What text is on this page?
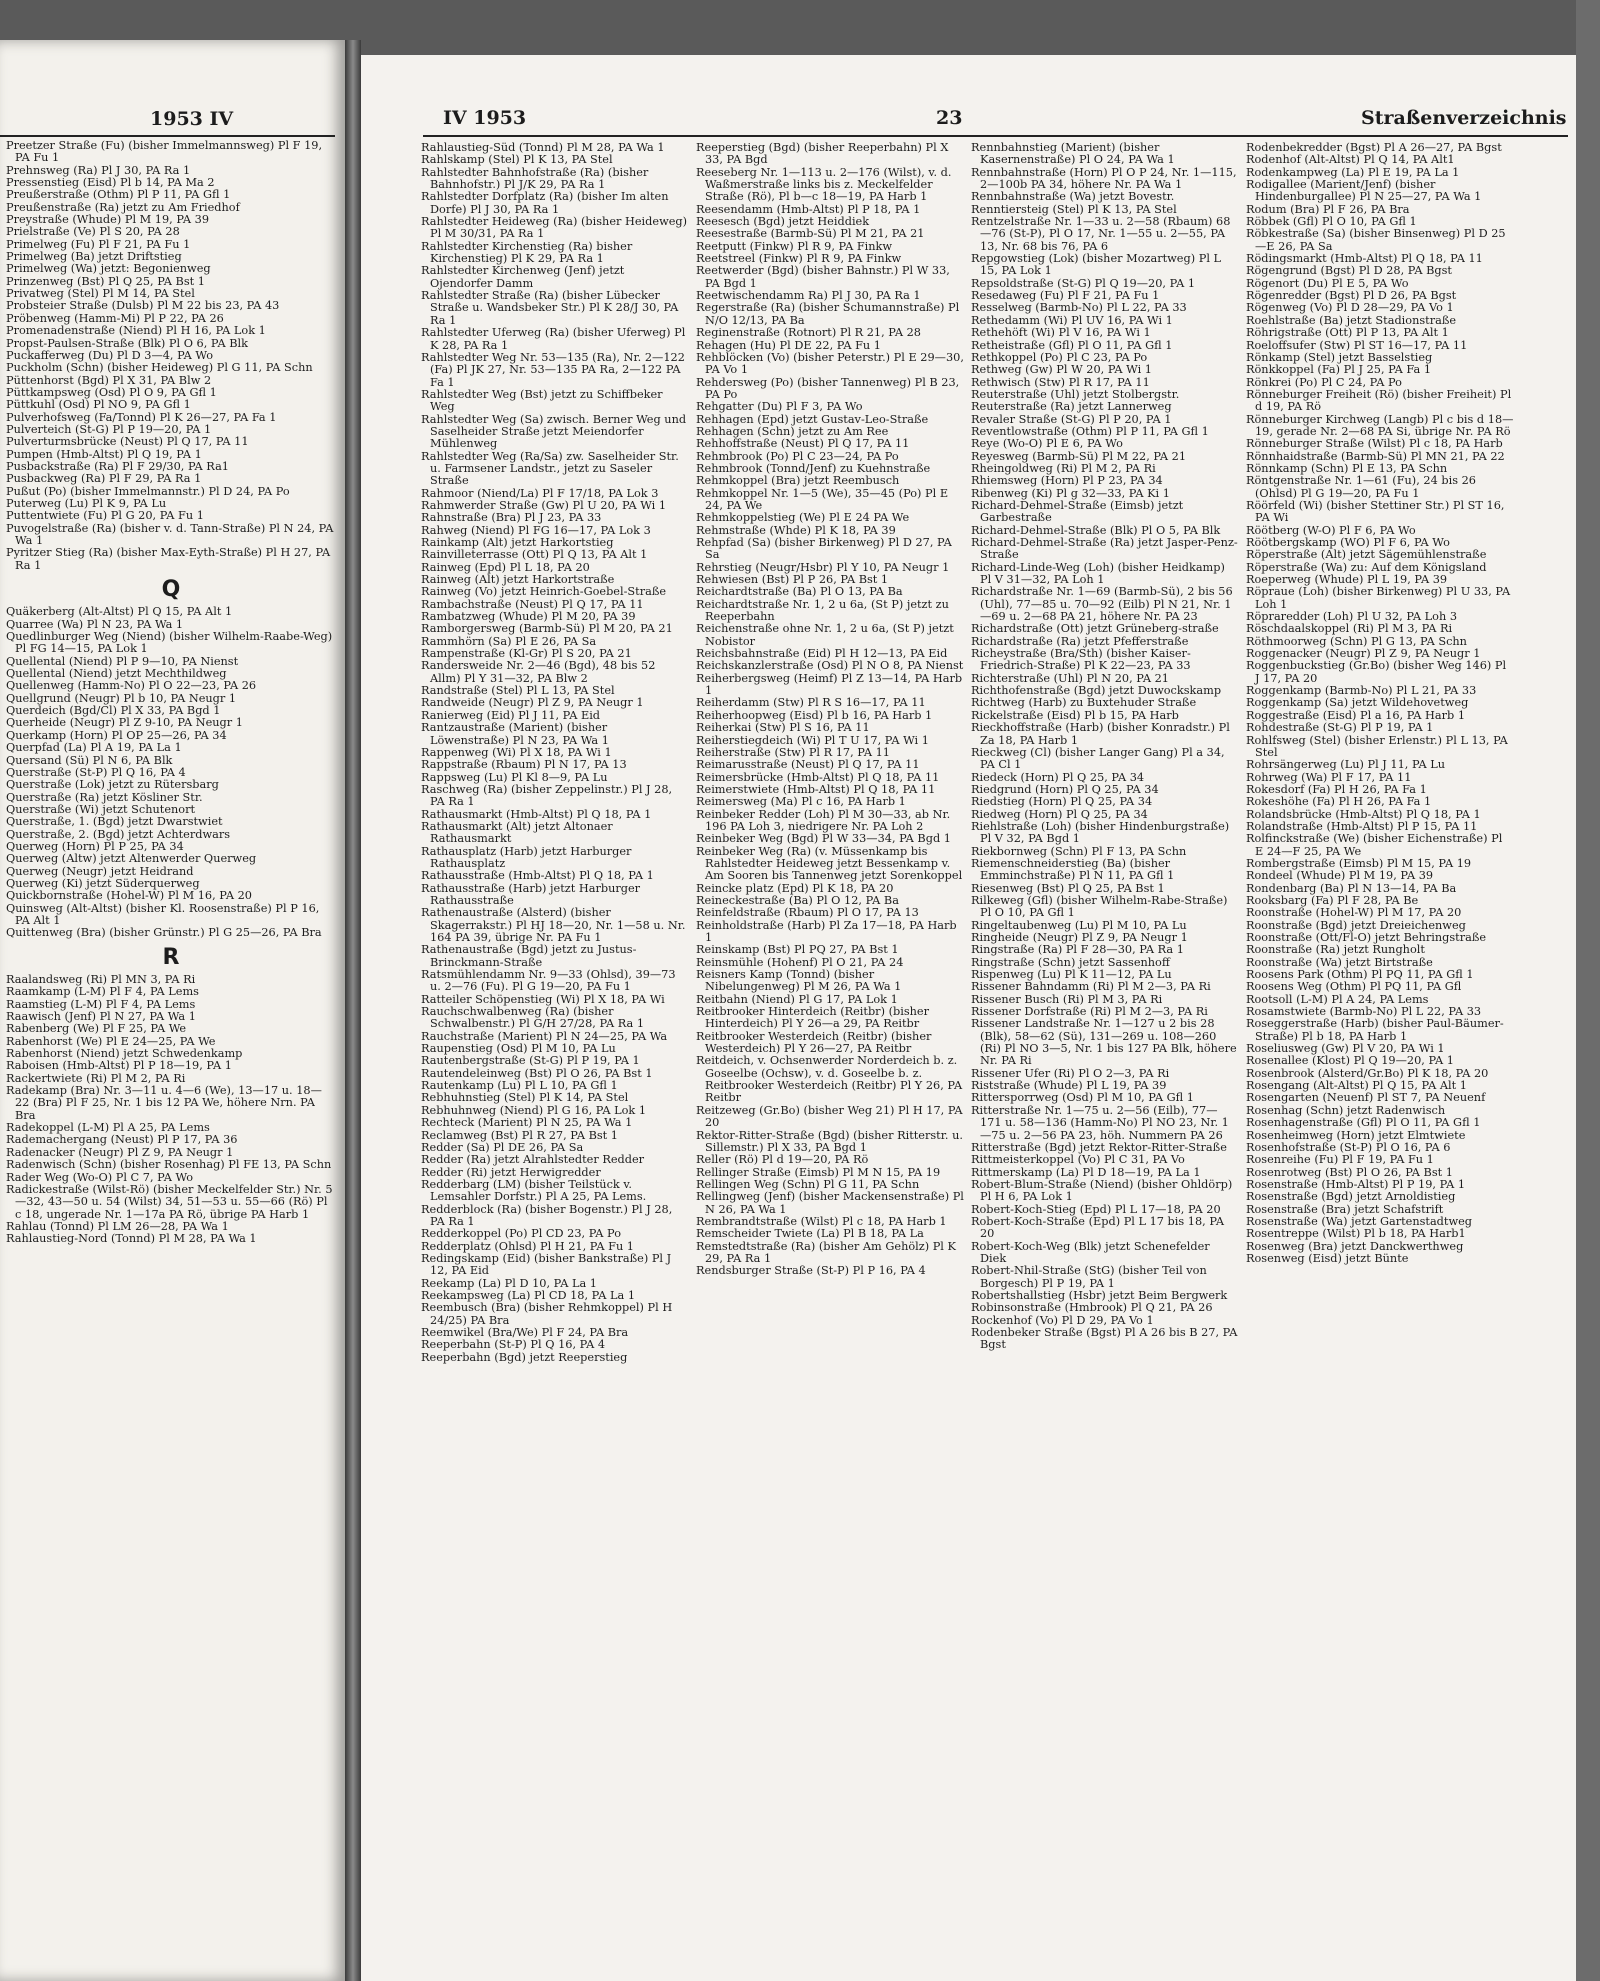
1953 IV
Preetzer Straße (Fu) (bisher Immelmannsweg) Pl F 19, PA Fu 1
Prehnsweg (Ra) Pl J 30, PA Ra 1
Pressenstieg (Eisd) Pl b 14, PA Ma 2
Preußerstraße (Othm) Pl P 11, PA Gfl 1
Preußenstraße (Ra) jetzt zu Am Friedhof
Preystraße (Whude) Pl M 19, PA 39
Prielstraße (Ve) Pl S 20, PA 28
Primelweg (Fu) Pl F 21, PA Fu 1
Primelweg (Ba) jetzt Driftstieg
Primelweg (Wa) jetzt: Begonienweg
Prinzenweg (Bst) Pl Q 25, PA Bst 1
Privatweg (Stel) Pl M 14, PA Stel
Probsteier Straße (Dulsb) Pl M 22 bis 23, PA 43
Pröbenweg (Hamm-Mi) Pl P 22, PA 26
Promenadenstraße (Niend) Pl H 16, PA Lok 1
Propst-Paulsen-Straße (Blk) Pl O 6, PA Blk
Puckafferweg (Du) Pl D 3—4, PA Wo
Puckholm (Schn) (bisher Heideweg) Pl G 11, PA Schn
Püttenhorst (Bgd) Pl X 31, PA Blw 2
Püttkampsweg (Osd) Pl O 9, PA Gfl 1
Püttkuhl (Osd) Pl NO 9, PA Gfl 1
Pulverhofsweg (Fa/Tonnd) Pl K 26—27, PA Fa 1
Pulverteich (St-G) Pl P 19—20, PA 1
Pulverturmsbrücke (Neust) Pl Q 17, PA 11
Pumpen (Hmb-Altst) Pl Q 19, PA 1
Pusbackstraße (Ra) Pl F 29/30, PA Ra1
Pusbackweg (Ra) Pl F 29, PA Ra 1
Pußut (Po) (bisher Immelmannstr.) Pl D 24, PA Po
Puterweg (Lu) Pl K 9, PA Lu
Puttentwiete (Fu) Pl G 20, PA Fu 1
Puvogelstraße (Ra) (bisher v. d. Tann-Straße) Pl N 24, PA Wa 1
Pyritzer Stieg (Ra) (bisher Max-Eyth-Straße) Pl H 27, PA Ra 1
Q
Quäkerberg (Alt-Altst) Pl Q 15, PA Alt 1
Quarree (Wa) Pl N 23, PA Wa 1
Quedlinburger Weg (Niend) (bisher Wilhelm-Raabe-Weg) Pl FG 14—15, PA Lok 1
Quellental (Niend) Pl P 9—10, PA Nienst
Quellental (Niend) jetzt Mechthildweg
Quellenweg (Hamm-No) Pl O 22—23, PA 26
Quellgrund (Neugr) Pl b 10, PA Neugr 1
Querdeich (Bgd/Cl) Pl X 33, PA Bgd 1
Querheide (Neugr) Pl Z 9-10, PA Neugr 1
Querkamp (Horn) Pl OP 25—26, PA 34
Querpfad (La) Pl A 19, PA La 1
Quersand (Sü) Pl N 6, PA Blk
Querstraße (St-P) Pl Q 16, PA 4
Querstraße (Lok) jetzt zu Rütersbarg
Querstraße (Ra) jetzt Kösliner Str.
Querstraße (Wi) jetzt Schutenort
Querstraße, 1. (Bgd) jetzt Dwarstwiet
Querstraße, 2. (Bgd) jetzt Achterdwars
Querweg (Horn) Pl P 25, PA 34
Querweg (Altw) jetzt Altenwerder Querweg
Querweg (Neugr) jetzt Heidrand
Querweg (Ki) jetzt Süderquerweg
Quickbornstraße (Hohel-W) Pl M 16, PA 20
Quinsweg (Alt-Altst) (bisher Kl. Roosenstraße) Pl P 16, PA Alt 1
Quittenweg (Bra) (bisher Grünstr.) Pl G 25—26, PA Bra
R
Raalandsweg (Ri) Pl MN 3, PA Ri
Raamkamp (L-M) Pl F 4, PA Lems
Raamstieg (L-M) Pl F 4, PA Lems
Raawisch (Jenf) Pl N 27, PA Wa 1
Rabenberg (We) Pl F 25, PA We
Rabenhorst (We) Pl E 24—25, PA We
Rabenhorst (Niend) jetzt Schwedenkamp
Raboisen (Hmb-Altst) Pl P 18—19, PA 1
Rackertwiete (Ri) Pl M 2, PA Ri
Radekamp (Bra) Nr. 3—11 u. 4—6 (We), 13—17 u. 18—22 (Bra) Pl F 25, Nr. 1 bis 12 PA We, höhere Nrn. PA Bra
Radekoppel (L-M) Pl A 25, PA Lems
Rademachergang (Neust) Pl P 17, PA 36
Radenacker (Neugr) Pl Z 9, PA Neugr 1
Radenwisch (Schn) (bisher Rosenhag) Pl FE 13, PA Schn
Rader Weg (Wo-O) Pl C 7, PA Wo
Radickestraße (Wilst-Rö) (bisher Meckelfelder Str.) Nr. 5—32, 43—50 u. 54 (Wilst) 34, 51—53 u. 55—66 (Rö) Pl c 18, ungerade Nr. 1—17a PA Rö, übrige PA Harb 1
Rahlau (Tonnd) Pl LM 26—28, PA Wa 1
Rahlaustieg-Nord (Tonnd) Pl M 28, PA Wa 1
IV 1953	23	Straßenverzeichnis
Rahlaustieg-Süd (Tonnd) Pl M 28, PA Wa 1
Rahlskamp (Stel) Pl K 13, PA Stel
Rahlstedter Bahnhofstraße (Ra) (bisher Bahnhofstr.) Pl J/K 29, PA Ra 1
Rahlstedter Dorfplatz (Ra) (bisher Im alten Dorfe) Pl J 30, PA Ra 1
Rahlstedter Heideweg (Ra) (bisher Heideweg) Pl M 30/31, PA Ra 1
Rahlstedter Kirchenstieg (Ra) bisher Kirchenstieg) Pl K 29, PA Ra 1
Rahlstedter Kirchenweg (Jenf) jetzt Ojendorfer Damm
Rahlstedter Straße (Ra) (bisher Lübecker Straße u. Wandsbeker Str.) Pl K 28/J 30, PA Ra 1
Rahlstedter Uferweg (Ra) (bisher Uferweg) Pl K 28, PA Ra 1
Rahlstedter Weg Nr. 53—135 (Ra), Nr. 2—122 (Fa) Pl JK 27, Nr. 53—135 PA Ra, 2—122 PA Fa 1
Rahlstedter Weg (Bst) jetzt zu Schiffbeker Weg
Rahlstedter Weg (Sa) zwisch. Berner Weg und Saselheider Straße jetzt Meiendorfer Mühlenweg
Rahlstedter Weg (Ra/Sa) zw. Saselheider Str. u. Farmsener Landstr., jetzt zu Saseler Straße
Rahmoor (Niend/La) Pl F 17/18, PA Lok 3
Rahmwerder Straße (Gw) Pl U 20, PA Wi 1
Rahnstraße (Bra) Pl J 23, PA 33
Rahweg (Niend) Pl FG 16—17, PA Lok 3
Rainkamp (Alt) jetzt Harkortstieg
Rainvilleterrasse (Ott) Pl Q 13, PA Alt 1
Rainweg (Epd) Pl L 18, PA 20
Rainweg (Alt) jetzt Harkortstraße
Rainweg (Vo) jetzt Heinrich-Goebel-Straße
Rambachstraße (Neust) Pl Q 17, PA 11
Rambatzweg (Whude) Pl M 20, PA 39
Ramborgersweg (Barmb-Sü) Pl M 20, PA 21
Rammhörn (Sa) Pl E 26, PA Sa
Rampenstraße (Kl-Gr) Pl S 20, PA 21
Randersweide Nr. 2—46 (Bgd), 48 bis 52 Allm) Pl Y 31—32, PA Blw 2
Randstraße (Stel) Pl L 13, PA Stel
Randweide (Neugr) Pl Z 9, PA Neugr 1
Ranierweg (Eid) Pl J 11, PA Eid
Rantzaustraße (Marient) (bisher Löwenstraße) Pl N 23, PA Wa 1
Rappenweg (Wi) Pl X 18, PA Wi 1
Rappstraße (Rbaum) Pl N 17, PA 13
Rappsweg (Lu) Pl Kl 8—9, PA Lu
Raschweg (Ra) (bisher Zeppelinstr.) Pl J 28, PA Ra 1
Rathausmarkt (Hmb-Altst) Pl Q 18, PA 1
Rathausmarkt (Alt) jetzt Altonaer Rathausmarkt
Rathausplatz (Harb) jetzt Harburger Rathausplatz
Rathausstraße (Hmb-Altst) Pl Q 18, PA 1
Rathausstraße (Harb) jetzt Harburger Rathausstraße
Rathenaustraße (Alsterd) (bisher Skagerrakstr.) Pl HJ 18—20, Nr. 1—58 u. Nr. 164 PA 39, übrige Nr. PA Fu 1
Rathenaustraße (Bgd) jetzt zu Justus-Brinckmann-Straße
Ratsmühlendamm Nr. 9—33 (Ohlsd), 39—73 u. 2—76 (Fu). Pl G 19—20, PA Fu 1
Ratteiler Schöpenstieg (Wi) Pl X 18, PA Wi
Rauchschwalbenweg (Ra) (bisher Schwalbenstr.) Pl G/H 27/28, PA Ra 1
Rauchstraße (Marient) Pl N 24—25, PA Wa
Raupenstieg (Osd) Pl M 10, PA Lu
Rautenbergstraße (St-G) Pl P 19, PA 1
Rautendeleinweg (Bst) Pl O 26, PA Bst 1
Rautenkamp (Lu) Pl L 10, PA Gfl 1
Rebhuhnstieg (Stel) Pl K 14, PA Stel
Rebhuhnweg (Niend) Pl G 16, PA Lok 1
Rechteck (Marient) Pl N 25, PA Wa 1
Reclamweg (Bst) Pl R 27, PA Bst 1
Redder (Sa) Pl DE 26, PA Sa
Redder (Ra) jetzt Alrahlstedter Redder
Redder (Ri) jetzt Herwigredder
Redderbarg (LM) (bisher Teilstück v. Lemsahler Dorfstr.) Pl A 25, PA Lems.
Redderblock (Ra) (bisher Bogenstr.) Pl J 28, PA Ra 1
Redderkoppel (Po) Pl CD 23, PA Po
Redderplatz (Ohlsd) Pl H 21, PA Fu 1
Redingskamp (Eid) (bisher Bankstraße) Pl J 12, PA Eid
Reekamp (La) Pl D 10, PA La 1
Reekampsweg (La) Pl CD 18, PA La 1
Reembusch (Bra) (bisher Rehmkoppel) Pl H 24/25) PA Bra
Reemwikel (Bra/We) Pl F 24, PA Bra
Reeperbahn (St-P) Pl Q 16, PA 4
Reeperbahn (Bgd) jetzt Reeperstieg
Reeperstieg (Bgd) (bisher Reeperbahn) Pl X 33, PA Bgd
Reeseberg Nr. 1—113 u. 2—176 (Wilst), v. d. Waßmerstraße links bis z. Meckelfelder Straße (Rö), Pl b—c 18—19, PA Harb 1
Reesendamm (Hmb-Altst) Pl P 18, PA 1
Reesesch (Bgd) jetzt Heiddiek
Reesestraße (Barmb-Sü) Pl M 21, PA 21
Reetputt (Finkw) Pl R 9, PA Finkw
Reetstreel (Finkw) Pl R 9, PA Finkw
Reetwerder (Bgd) (bisher Bahnstr.) Pl W 33, PA Bgd 1
Reetwischendamm Ra) Pl J 30, PA Ra 1
Regerstraße (Ra) (bisher Schumannstraße) Pl N/O 12/13, PA Ba
Reginenstraße (Rotnort) Pl R 21, PA 28
Rehagen (Hu) Pl DE 22, PA Fu 1
Rehblöcken (Vo) (bisher Peterstr.) Pl E 29—30, PA Vo 1
Rehdersweg (Po) (bisher Tannenweg) Pl B 23, PA Po
Rehgatter (Du) Pl F 3, PA Wo
Rehhagen (Epd) jetzt Gustav-Leo-Straße
Rehhagen (Schn) jetzt zu Am Ree
Rehhoffstraße (Neust) Pl Q 17, PA 11
Rehmbrook (Po) Pl C 23—24, PA Po
Rehmbrook (Tonnd/Jenf) zu Kuehnstraße
Rehmkoppel (Bra) jetzt Reembusch
Rehmkoppel Nr. 1—5 (We), 35—45 (Po) Pl E 24, PA We
Rehmkoppelstieg (We) Pl E 24 PA We
Rehmstraße (Whde) Pl K 18, PA 39
Rehpfad (Sa) (bisher Birkenweg) Pl D 27, PA Sa
Rehrstieg (Neugr/Hsbr) Pl Y 10, PA Neugr 1
Rehwiesen (Bst) Pl P 26, PA Bst 1
Reichardtstraße (Ba) Pl O 13, PA Ba
Reichardtstraße Nr. 1, 2 u 6a, (St P) jetzt zu Reeperbahn
Reichenstraße ohne Nr. 1, 2 u 6a, (St P) jetzt Nobistor
Reichsbahnstraße (Eid) Pl H 12—13, PA Eid
Reichskanzlerstraße (Osd) Pl N O 8, PA Nienst
Reiherbergsweg (Heimf) Pl Z 13—14, PA Harb 1
Reiherdamm (Stw) Pl R S 16—17, PA 11
Reiherhoopweg (Eisd) Pl b 16, PA Harb 1
Reiherkai (Stw) Pl S 16, PA 11
Reiherstiegdeich (Wi) Pl T U 17, PA Wi 1
Reiherstraße (Stw) Pl R 17, PA 11
Reimarusstraße (Neust) Pl Q 17, PA 11
Reimersbrücke (Hmb-Altst) Pl Q 18, PA 11
Reimerstwiete (Hmb-Altst) Pl Q 18, PA 11
Reimersweg (Ma) Pl c 16, PA Harb 1
Reinbeker Redder (Loh) Pl M 30—33, ab Nr. 196 PA Loh 3, niedrigere Nr. PA Loh 2
Reinbeker Weg (Bgd) Pl W 33—34, PA Bgd 1
Reinbeker Weg (Ra) (v. Müssenkamp bis Rahlstedter Heideweg jetzt Bessenkamp v. Am Sooren bis Tannenweg jetzt Sorenkoppel
Reincke platz (Epd) Pl K 18, PA 20
Reineckestraße (Ba) Pl O 12, PA Ba
Reinfeldstraße (Rbaum) Pl O 17, PA 13
Reinholdstraße (Harb) Pl Za 17—18, PA Harb 1
Reinskamp (Bst) Pl PQ 27, PA Bst 1
Reinsmühle (Hohenf) Pl O 21, PA 24
Reisners Kamp (Tonnd) (bisher Nibelungenweg) Pl M 26, PA Wa 1
Reitbahn (Niend) Pl G 17, PA Lok 1
Reitbrooker Hinterdeich (Reitbr) (bisher Hinterdeich) Pl Y 26—a 29, PA Reitbr
Reitbrooker Westerdeich (Reitbr) (bisher Westerdeich) Pl Y 26—27, PA Reitbr
Reitdeich, v. Ochsenwerder Norderdeich b. z. Goseelbe (Ochsw), v. d. Goseelbe b. z. Reitbrooker Westerdeich (Reitbr) Pl Y 26, PA Reitbr
Reitzeweg (Gr.Bo) (bisher Weg 21) Pl H 17, PA 20
Rektor-Ritter-Straße (Bgd) (bisher Ritterstr. u. Sillemstr.) Pl X 33, PA Bgd 1
Reller (Rö) Pl d 19—20, PA Rö
Rellinger Straße (Eimsb) Pl M N 15, PA 19
Rellingen Weg (Schn) Pl G 11, PA Schn
Rellingweg (Jenf) (bisher Mackensenstraße) Pl N 26, PA Wa 1
Rembrandtstraße (Wilst) Pl c 18, PA Harb 1
Remscheider Twiete (La) Pl B 18, PA La
Remstedtstraße (Ra) (bisher Am Gehölz) Pl K 29, PA Ra 1
Rendsburger Straße (St-P) Pl P 16, PA 4
Rennbahnstieg (Marient) (bisher Kasernenstraße) Pl O 24, PA Wa 1
Rennbahnstraße (Horn) Pl O P 24, Nr. 1—115, 2—100b PA 34, höhere Nr. PA Wa 1
Rennbahnstraße (Wa) jetzt Bovestr.
Renntiersteig (Stel) Pl K 13, PA Stel
Rentzelstraße Nr. 1—33 u. 2—58 (Rbaum) 68—76 (St-P), Pl O 17, Nr. 1—55 u. 2—55, PA 13, Nr. 68 bis 76, PA 6
Repgowstieg (Lok) (bisher Mozartweg) Pl L 15, PA Lok 1
Repsoldstraße (St-G) Pl Q 19—20, PA 1
Resedaweg (Fu) Pl F 21, PA Fu 1
Resselweg (Barmb-No) Pl L 22, PA 33
Rethedamm (Wi) Pl UV 16, PA Wi 1
Rethehöft (Wi) Pl V 16, PA Wi 1
Retheistraße (Gfl) Pl O 11, PA Gfl 1
Rethkoppel (Po) Pl C 23, PA Po
Rethweg (Gw) Pl W 20, PA Wi 1
Rethwisch (Stw) Pl R 17, PA 11
Reuterstraße (Uhl) jetzt Stolbergstr.
Reuterstraße (Ra) jetzt Lannerweg
Revaler Straße (St-G) Pl P 20, PA 1
Reventlowstraße (Othm) Pl P 11, PA Gfl 1
Reye (Wo-O) Pl E 6, PA Wo
Reyesweg (Barmb-Sü) Pl M 22, PA 21
Rheingoldweg (Ri) Pl M 2, PA Ri
Rhiemsweg (Horn) Pl P 23, PA 34
Ribenweg (Ki) Pl g 32—33, PA Ki 1
Richard-Dehmel-Straße (Eimsb) jetzt Garbestraße
Richard-Dehmel-Straße (Blk) Pl O 5, PA Blk
Richard-Dehmel-Straße (Ra) jetzt Jasper-Penz-Straße
Richard-Linde-Weg (Loh) (bisher Heidkamp) Pl V 31—32, PA Loh 1
Richardstraße Nr. 1—69 (Barmb-Sü), 2 bis 56 (Uhl), 77—85 u. 70—92 (Eilb) Pl N 21, Nr. 1—69 u. 2—68 PA 21, höhere Nr. PA 23
Richardstraße (Ott) jetzt Grüneberg-straße
Richardstraße (Ra) jetzt Pfefferstraße
Richeystraße (Bra/Sth) (bisher Kaiser-Friedrich-Straße) Pl K 22—23, PA 33
Richterstraße (Uhl) Pl N 20, PA 21
Richthofenstraße (Bgd) jetzt Duwockskamp
Richtweg (Harb) zu Buxtehuder Straße
Rickelstraße (Eisd) Pl b 15, PA Harb
Rieckhoffstraße (Harb) (bisher Konradstr.) Pl Za 18, PA Harb 1
Rieckweg (Cl) (bisher Langer Gang) Pl a 34, PA Cl 1
Riedeck (Horn) Pl Q 25, PA 34
Riedgrund (Horn) Pl Q 25, PA 34
Riedstieg (Horn) Pl Q 25, PA 34
Riedweg (Horn) Pl Q 25, PA 34
Riehlstraße (Loh) (bisher Hindenburgstraße) Pl V 32, PA Bgd 1
Riekbornweg (Schn) Pl F 13, PA Schn
Riemenschneiderstieg (Ba) (bisher Emminchstraße) Pl N 11, PA Gfl 1
Riesenweg (Bst) Pl Q 25, PA Bst 1
Rilkeweg (Gfl) (bisher Wilhelm-Rabe-Straße) Pl O 10, PA Gfl 1
Ringeltaubenweg (Lu) Pl M 10, PA Lu
Ringheide (Neugr) Pl Z 9, PA Neugr 1
Ringstraße (Ra) Pl F 28—30, PA Ra 1
Ringstraße (Schn) jetzt Sassenhoff
Rispenweg (Lu) Pl K 11—12, PA Lu
Rissener Bahndamm (Ri) Pl M 2—3, PA Ri
Rissener Busch (Ri) Pl M 3, PA Ri
Rissener Dorfstraße (Ri) Pl M 2—3, PA Ri
Rissener Landstraße Nr. 1—127 u 2 bis 28 (Blk), 58—62 (Sü), 131—269 u. 108—260 (Ri) Pl NO 3—5, Nr. 1 bis 127 PA Blk, höhere Nr. PA Ri
Rissener Ufer (Ri) Pl O 2—3, PA Ri
Riststraße (Whude) Pl L 19, PA 39
Rittersporrweg (Osd) Pl M 10, PA Gfl 1
Ritterstraße Nr. 1—75 u. 2—56 (Eilb), 77—171 u. 58—136 (Hamm-No) Pl NO 23, Nr. 1—75 u. 2—56 PA 23, höh. Nummern PA 26
Ritterstraße (Bgd) jetzt Rektor-Ritter-Straße
Rittmeisterkoppel (Vo) Pl C 31, PA Vo
Rittmerskamp (La) Pl D 18—19, PA La 1
Robert-Blum-Straße (Niend) (bisher Ohldörp) Pl H 6, PA Lok 1
Robert-Koch-Stieg (Epd) Pl L 17—18, PA 20
Robert-Koch-Straße (Epd) Pl L 17 bis 18, PA 20
Robert-Koch-Weg (Blk) jetzt Schenefelder Diek
Robert-Nhil-Straße (StG) (bisher Teil von Borgesch) Pl P 19, PA 1
Robertshallstieg (Hsbr) jetzt Beim Bergwerk
Robinsonstraße (Hmbrook) Pl Q 21, PA 26
Rockenhof (Vo) Pl D 29, PA Vo 1
Rodenbeker Straße (Bgst) Pl A 26 bis B 27, PA Bgst
Rodenbekredder (Bgst) Pl A 26—27, PA Bgst
Rodenhof (Alt-Altst) Pl Q 14, PA Alt1
Rodenkampweg (La) Pl E 19, PA La 1
Rodigallee (Marient/Jenf) (bisher Hindenburgallee) Pl N 25—27, PA Wa 1
Rodum (Bra) Pl F 26, PA Bra
Röbbek (Gfl) Pl O 10, PA Gfl 1
Röbkestraße (Sa) (bisher Binsenweg) Pl D 25—E 26, PA Sa
Rödingsmarkt (Hmb-Altst) Pl Q 18, PA 11
Rögengrund (Bgst) Pl D 28, PA Bgst
Rögenort (Du) Pl E 5, PA Wo
Rögenredder (Bgst) Pl D 26, PA Bgst
Rögenweg (Vo) Pl D 28—29, PA Vo 1
Roehlstraße (Ba) jetzt Stadionstraße
Röhrigstraße (Ott) Pl P 13, PA Alt 1
Roeloffsufer (Stw) Pl ST 16—17, PA 11
Rönkamp (Stel) jetzt Basselstieg
Rönkkoppel (Fa) Pl J 25, PA Fa 1
Rönkrei (Po) Pl C 24, PA Po
Rönneburger Freiheit (Rö) (bisher Freiheit) Pl d 19, PA Rö
Rönneburger Kirchweg (Langb) Pl c bis d 18—19, gerade Nr. 2—68 PA Si, übrige Nr. PA Rö
Rönneburger Straße (Wilst) Pl c 18, PA Harb
Rönnhaidstraße (Barmb-Sü) Pl MN 21, PA 22
Rönnkamp (Schn) Pl E 13, PA Schn
Röntgenstraße Nr. 1—61 (Fu), 24 bis 26 (Ohlsd) Pl G 19—20, PA Fu 1
Röörfeld (Wi) (bisher Stettiner Str.) Pl ST 16, PA Wi
Röötberg (W-O) Pl F 6, PA Wo
Röötbergskamp (WO) Pl F 6, PA Wo
Röperstraße (Alt) jetzt Sägemühlenstraße
Röperstraße (Wa) zu: Auf dem Königsland
Roeperweg (Whude) Pl L 19, PA 39
Röpraue (Loh) (bisher Birkenweg) Pl U 33, PA Loh 1
Röpraredder (Loh) Pl U 32, PA Loh 3
Röschdaalskoppel (Ri) Pl M 3, PA Ri
Röthmoorweg (Schn) Pl G 13, PA Schn
Roggenacker (Neugr) Pl Z 9, PA Neugr 1
Roggenbuckstieg (Gr.Bo) (bisher Weg 146) Pl J 17, PA 20
Roggenkamp (Barmb-No) Pl L 21, PA 33
Roggenkamp (Sa) jetzt Wildehovetweg
Roggestraße (Eisd) Pl a 16, PA Harb 1
Rohdestraße (St-G) Pl P 19, PA 1
Rohlfsweg (Stel) (bisher Erlenstr.) Pl L 13, PA Stel
Rohrsängerweg (Lu) Pl J 11, PA Lu
Rohrweg (Wa) Pl F 17, PA 11
Rokesdorf (Fa) Pl H 26, PA Fa 1
Rokeshöhe (Fa) Pl H 26, PA Fa 1
Rolandsbrücke (Hmb-Altst) Pl Q 18, PA 1
Rolandstraße (Hmb-Altst) Pl P 15, PA 11
Rolfinckstraße (We) (bisher Eichenstraße) Pl E 24—F 25, PA We
Rombergstraße (Eimsb) Pl M 15, PA 19
Rondeel (Whude) Pl M 19, PA 39
Rondenbarg (Ba) Pl N 13—14, PA Ba
Rooksbarg (Fa) Pl F 28, PA Be
Roonstraße (Hohel-W) Pl M 17, PA 20
Roonstraße (Bgd) jetzt Dreieichenweg
Roonstraße (Ott/Fl-O) jetzt Behringstraße
Roonstraße (Ra) jetzt Rungholt
Roonstraße (Wa) jetzt Birtstraße
Roosens Park (Othm) Pl PQ 11, PA Gfl 1
Roosens Weg (Othm) Pl PQ 11, PA Gfl
Rootsoll (L-M) Pl A 24, PA Lems
Rosamstwiete (Barmb-No) Pl L 22, PA 33
Roseggerstraße (Harb) (bisher Paul-Bäumer-Straße) Pl b 18, PA Harb 1
Roseliusweg (Gw) Pl V 20, PA Wi 1
Rosenallee (Klost) Pl Q 19—20, PA 1
Rosenbrook (Alsterd/Gr.Bo) Pl K 18, PA 20
Rosengang (Alt-Altst) Pl Q 15, PA Alt 1
Rosengarten (Neuenf) Pl ST 7, PA Neuenf
Rosenhag (Schn) jetzt Radenwisch
Rosenhagenstraße (Gfl) Pl O 11, PA Gfl 1
Rosenheimweg (Horn) jetzt Elmtwiete
Rosenhofstraße (St-P) Pl O 16, PA 6
Rosenreihe (Fu) Pl F 19, PA Fu 1
Rosenrotweg (Bst) Pl O 26, PA Bst 1
Rosenstraße (Hmb-Altst) Pl P 19, PA 1
Rosenstraße (Bgd) jetzt Arnoldistieg
Rosenstraße (Bra) jetzt Schafstrift
Rosenstraße (Wa) jetzt Gartenstadtweg
Rosentreppe (Wilst) Pl b 18, PA Harb1
Rosenweg (Bra) jetzt Danckwerthweg
Rosenweg (Eisd) jetzt Bünte
